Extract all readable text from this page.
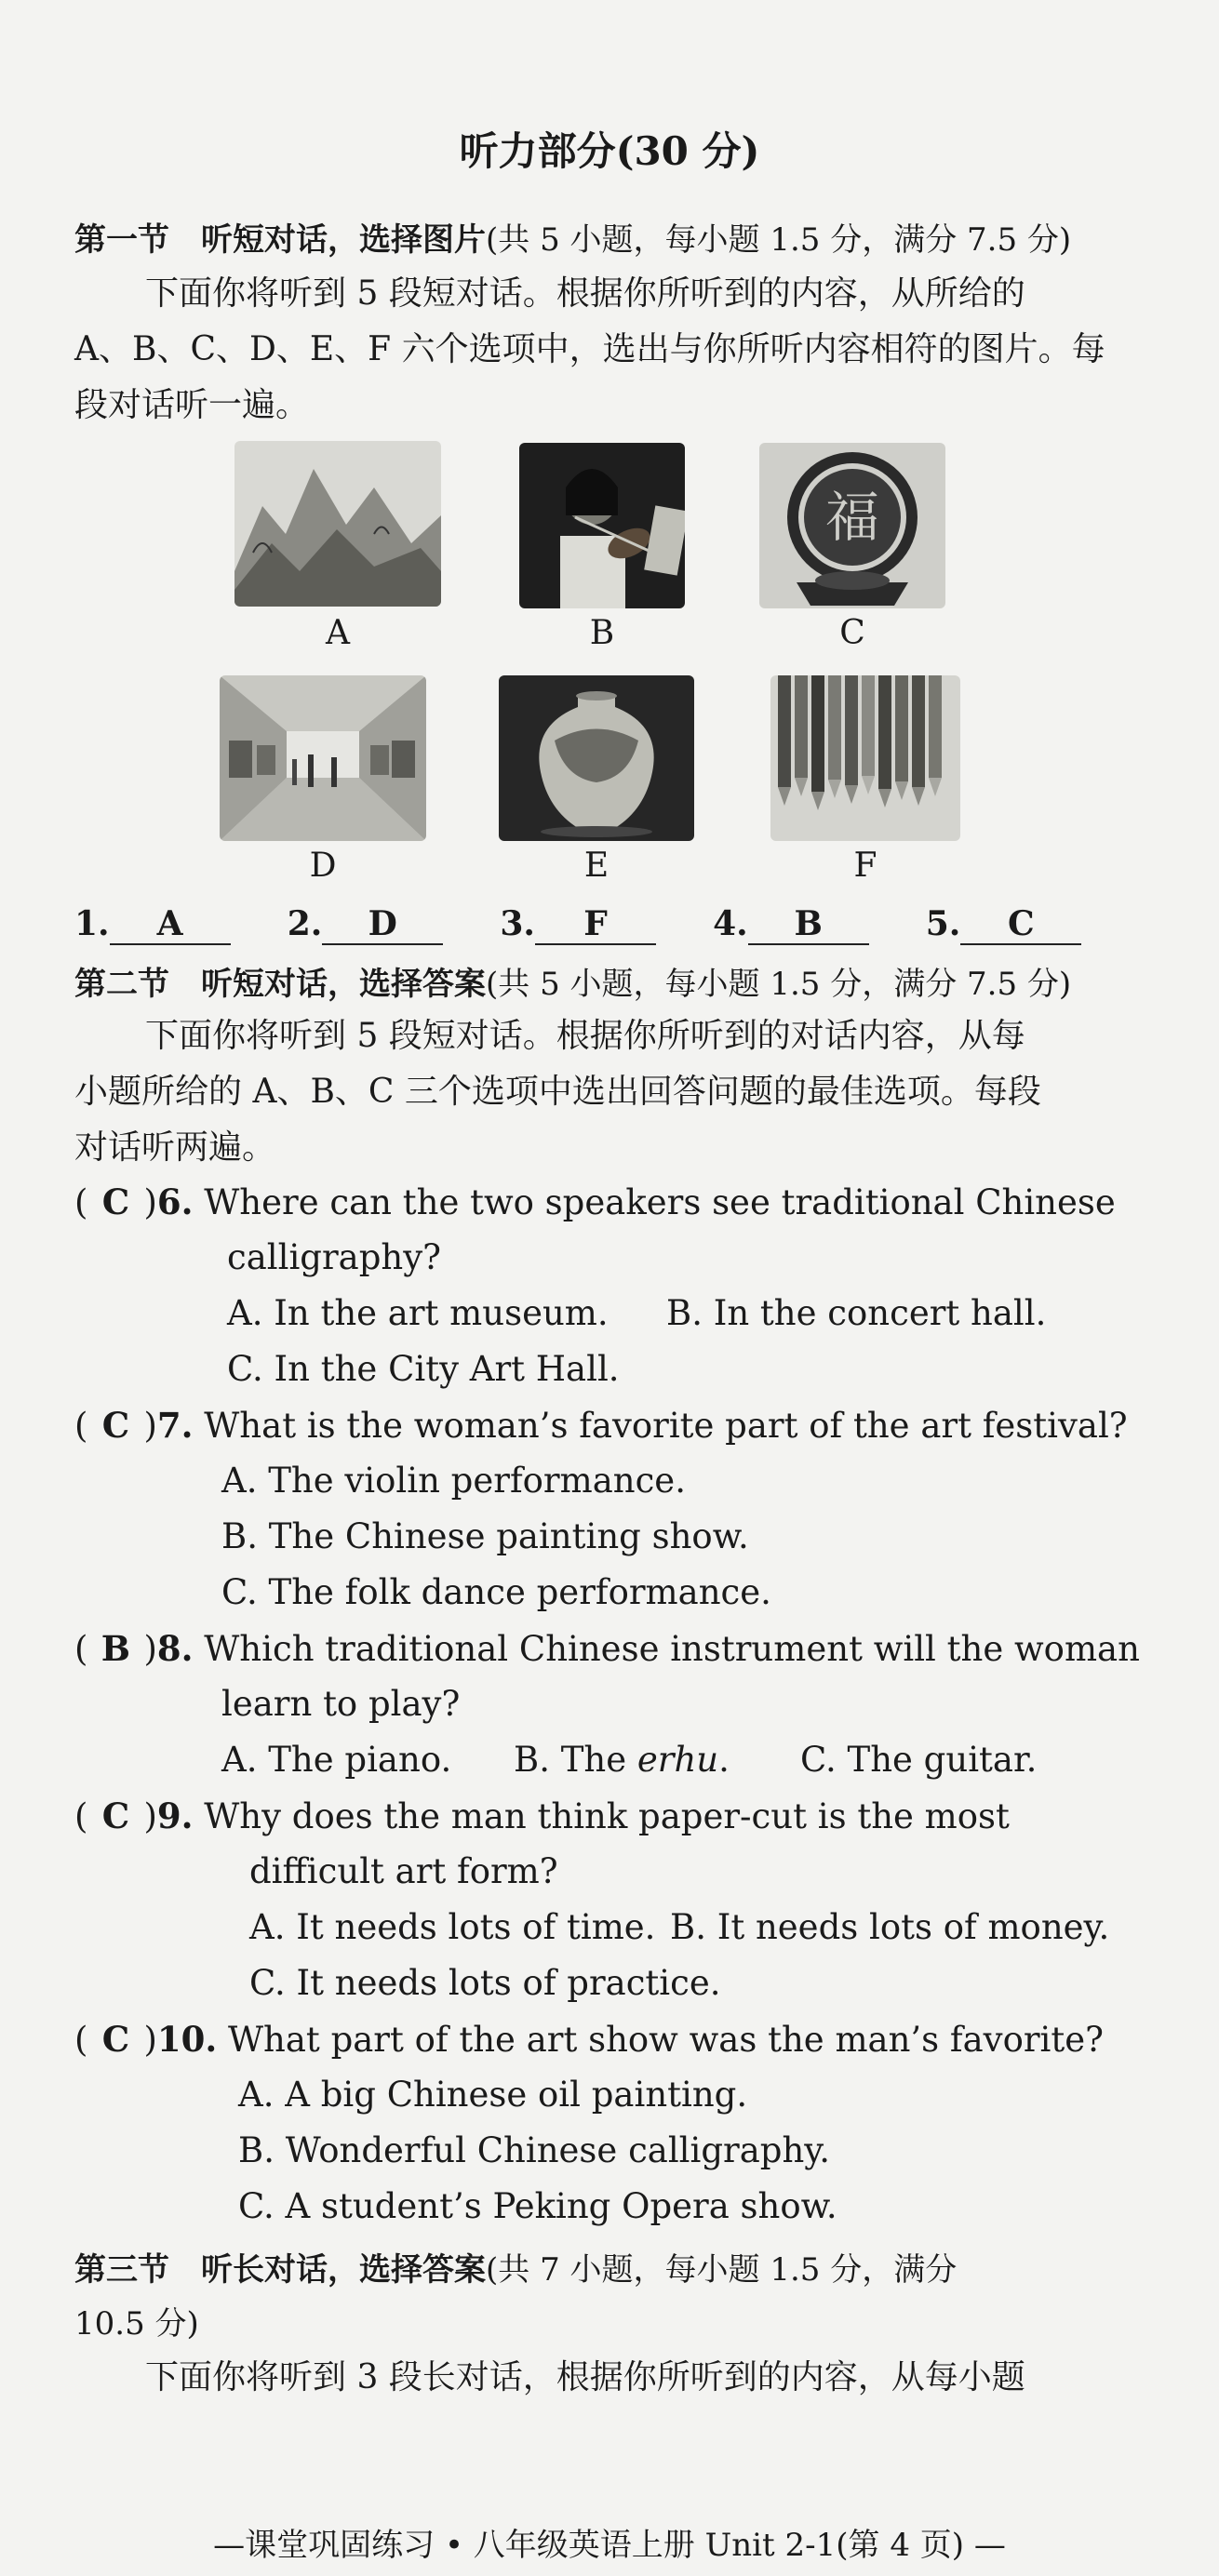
听力部分(30 分)
第一节　听短对话，选择图片(共 5 小题，每小题 1.5 分，满分 7.5 分)
下面你将听到 5 段短对话。根据你所听到的内容，从所给的
A、B、C、D、E、F 六个选项中，选出与你所听内容相符的图片。每
段对话听一遍。
A	B
福
C
D	E	F
1. A	2. D	3. F	4. B	5. C
第二节　听短对话，选择答案(共 5 小题，每小题 1.5 分，满分 7.5 分)
下面你将听到 5 段短对话。根据你所听到的对话内容，从每
小题所给的 A、B、C 三个选项中选出回答问题的最佳选项。每段
对话听两遍。
( C )6. Where can the two speakers see traditional Chinese
calligraphy?
A. In the art museum. B. In the concert hall.
C. In the City Art Hall.
( C )7. What is the woman’s favorite part of the art festival?
A. The violin performance.
B. The Chinese painting show.
C. The folk dance performance.
( B )8. Which traditional Chinese instrument will the woman
learn to play?
A. The piano. B. The erhu. C. The guitar.
( C )9. Why does the man think paper-cut is the most
difficult art form?
A. It needs lots of time. B. It needs lots of money.
C. It needs lots of practice.
( C )10. What part of the art show was the man’s favorite?
A. A big Chinese oil painting.
B. Wonderful Chinese calligraphy.
C. A student’s Peking Opera show.
第三节　听长对话，选择答案(共 7 小题，每小题 1.5 分，满分
10.5 分)
下面你将听到 3 段长对话，根据你所听到的内容，从每小题
—课堂巩固练习 • 八年级英语上册 Unit 2-1(第 4 页) —
